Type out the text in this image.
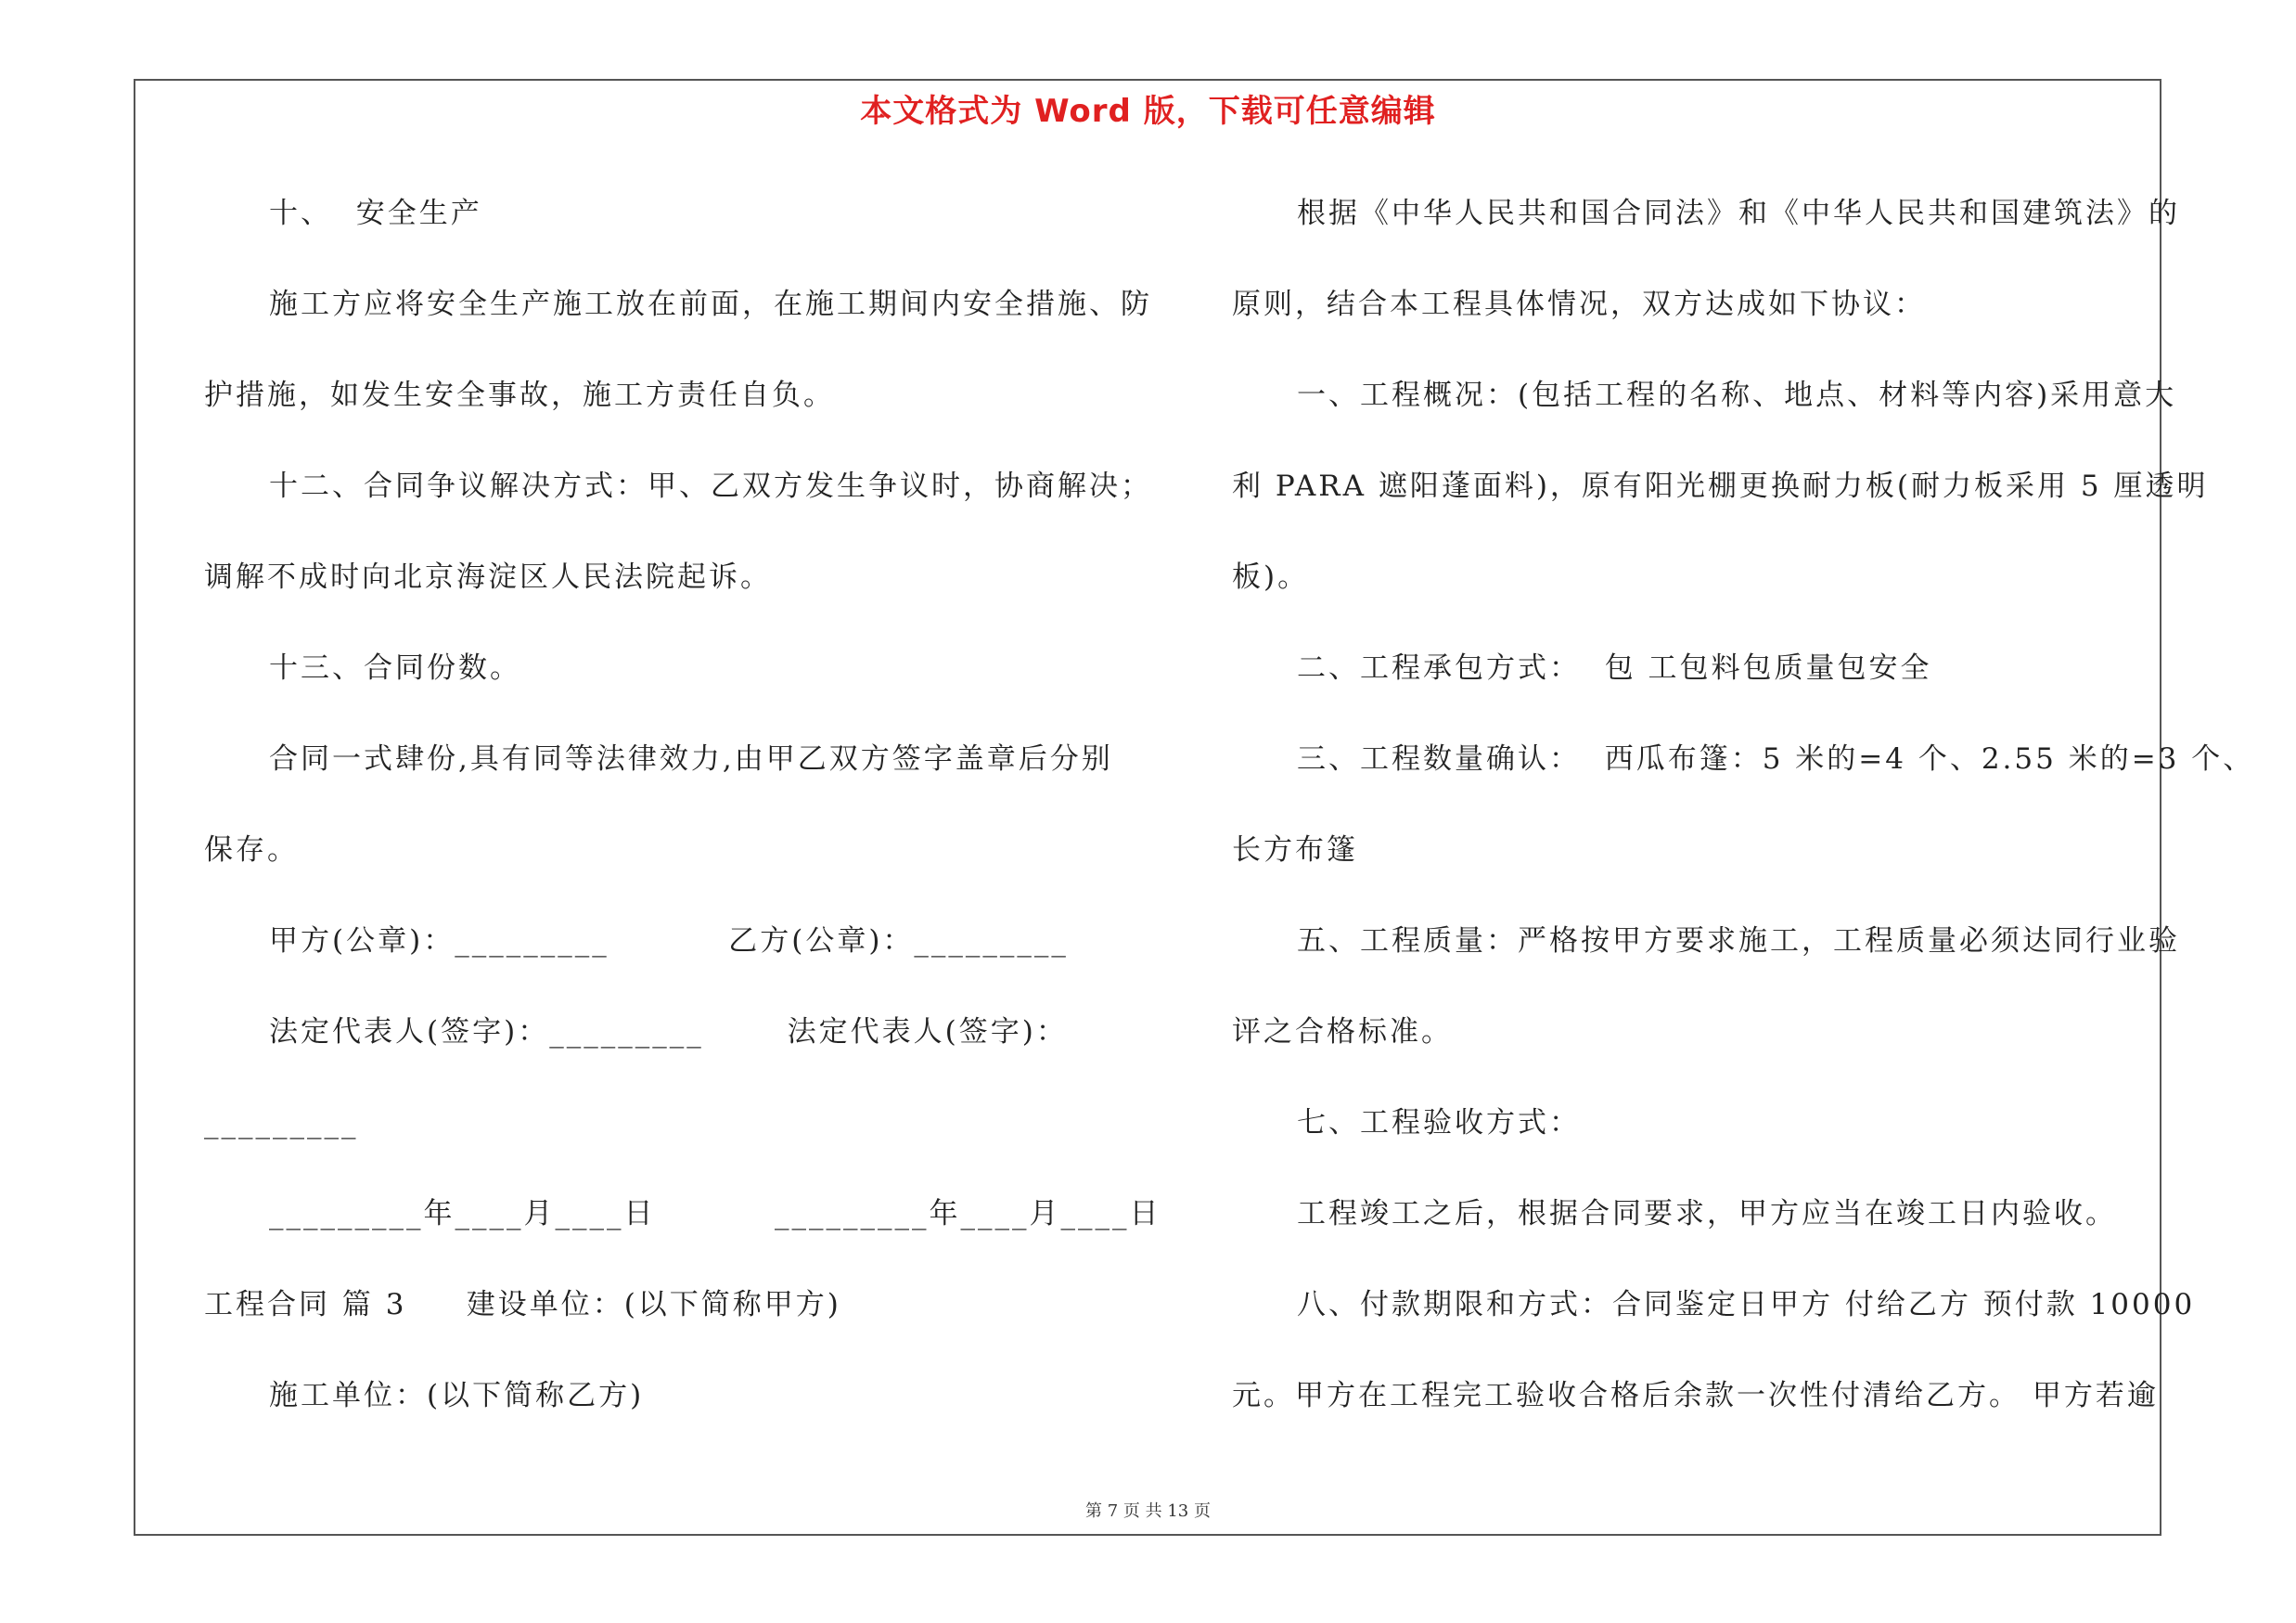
本文格式为 Word 版，下载可任意编辑
十、  安全生产
施工方应将安全生产施工放在前面，在施工期间内安全措施、防
护措施，如发生安全事故，施工方责任自负。
十二、合同争议解决方式：甲、乙双方发生争议时，协商解决；
调解不成时向北京海淀区人民法院起诉。
十三、合同份数。
合同一式肆份,具有同等法律效力,由甲乙双方签字盖章后分别
保存。
甲方(公章)：_________          乙方(公章)：_________
法定代表人(签字)：_________       法定代表人(签字)：
_________
_________年____月____日          _________年____月____日
工程合同 篇 3     建设单位：(以下简称甲方)
施工单位：(以下简称乙方)
根据《中华人民共和国合同法》和《中华人民共和国建筑法》的
原则，结合本工程具体情况，双方达成如下协议：
一、工程概况：(包括工程的名称、地点、材料等内容)采用意大
利 PARA 遮阳蓬面料)，原有阳光棚更换耐力板(耐力板采用 5 厘透明
板)。
二、工程承包方式：  包 工包料包质量包安全
三、工程数量确认：  西瓜布篷：5 米的=4 个、2.55 米的=3 个、
长方布篷
五、工程质量：严格按甲方要求施工，工程质量必须达同行业验
评之合格标准。
七、工程验收方式：
工程竣工之后，根据合同要求，甲方应当在竣工日内验收。
八、付款期限和方式：合同鉴定日甲方 付给乙方 预付款 10000
元。甲方在工程完工验收合格后余款一次性付清给乙方。 甲方若逾
第 7 页 共 13 页
